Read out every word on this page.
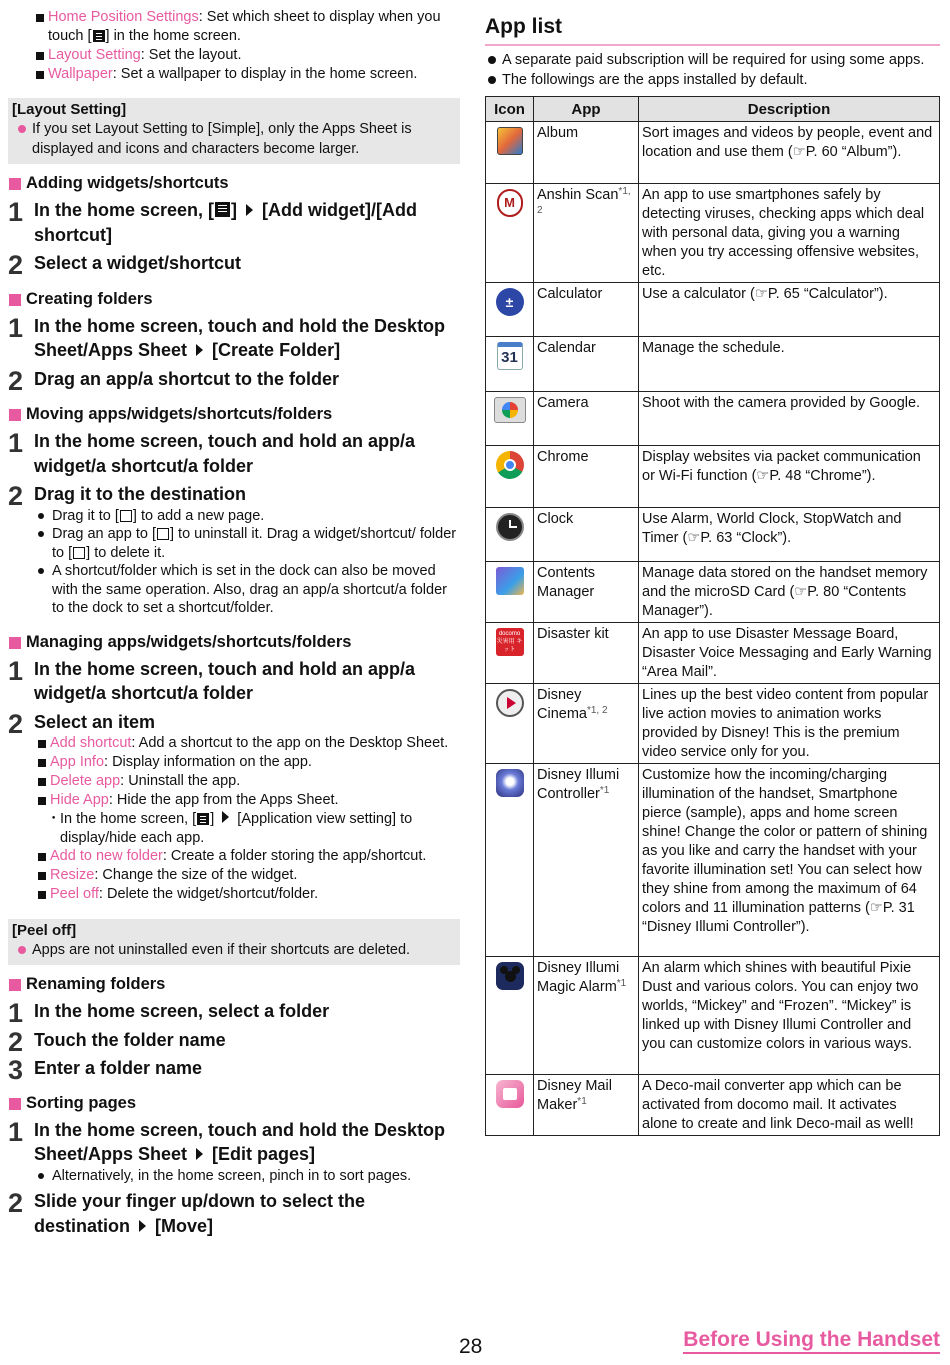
Home Position Settings: Set which sheet to display when you touch [ ] in the home screen.
Layout Setting: Set the layout.
Wallpaper: Set a wallpaper to display in the home screen.
[Layout Setting]
If you set Layout Setting to [Simple], only the Apps Sheet is displayed and icons and characters become larger.
Adding widgets/shortcuts
1 In the home screen, [ ]  [Add widget]/[Add shortcut]
2 Select a widget/shortcut
Creating folders
1 In the home screen, touch and hold the Desktop Sheet/Apps Sheet  [Create Folder]
2 Drag an app/a shortcut to the folder
Moving apps/widgets/shortcuts/folders
1 In the home screen, touch and hold an app/a widget/a shortcut/a folder
2 Drag it to the destination
Drag it to [ ] to add a new page.
Drag an app to [ ] to uninstall it. Drag a widget/shortcut/ folder to [ ] to delete it.
A shortcut/folder which is set in the dock can also be moved with the same operation. Also, drag an app/a shortcut/a folder to the dock to set a shortcut/folder.
Managing apps/widgets/shortcuts/folders
1 In the home screen, touch and hold an app/a widget/a shortcut/a folder
2 Select an item
Add shortcut: Add a shortcut to the app on the Desktop Sheet.
App Info: Display information on the app.
Delete app: Uninstall the app.
Hide App: Hide the app from the Apps Sheet.
･ In the home screen, [ ]  [Application view setting] to display/hide each app.
Add to new folder: Create a folder storing the app/shortcut.
Resize: Change the size of the widget.
Peel off: Delete the widget/shortcut/folder.
[Peel off]
Apps are not uninstalled even if their shortcuts are deleted.
Renaming folders
1 In the home screen, select a folder
2 Touch the folder name
3 Enter a folder name
Sorting pages
1 In the home screen, touch and hold the Desktop Sheet/Apps Sheet  [Edit pages]
Alternatively, in the home screen, pinch in to sort pages.
2 Slide your finger up/down to select the destination  [Move]
App list
A separate paid subscription will be required for using some apps.
The followings are the apps installed by default.
Icon	App	Description

	Album	Sort images and videos by people, event and location and use them (☞P. 60 “Album”).

M	Anshin Scan$^{*1, 2}$	An app to use smartphones safely by detecting viruses, checking apps which deal with personal data, giving you a warning when you try accessing offensive websites, etc.

±	Calculator	Use a calculator (☞P. 65 “Calculator”).

31	Calendar	Manage the schedule.

	Camera	Shoot with the camera provided by Google.

	Chrome	Display websites via packet communication or Wi-Fi function (☞P. 48 “Chrome”).

	Clock	Use Alarm, World Clock, StopWatch and Timer (☞P. 63 “Clock”).

	Contents Manager	Manage data stored on the handset memory and the microSD Card (☞P. 80 “Contents Manager”).

docomo 災害用 キット	Disaster kit	An app to use Disaster Message Board, Disaster Voice Messaging and Early Warning “Area Mail”.

	Disney Cinema$^{*1, 2}$	Lines up the best video content from popular live action movies to animation works provided by Disney! This is the premium video service only for you.

	Disney Illumi Controller$^{*1}$	Customize how the incoming/charging illumination of the handset, Smartphone pierce (sample), apps and home screen shine! Change the color or pattern of shining as you like and carry the handset with your favorite illumination set! You can select how they shine from among the maximum of 64 colors and 11 illumination patterns (☞P. 31 “Disney Illumi Controller”).

	Disney Illumi Magic Alarm$^{*1}$	An alarm which shines with beautiful Pixie Dust and various colors. You can enjoy two worlds, “Mickey” and “Frozen”. “Mickey” is linked up with Disney Illumi Controller and you can customize colors in various ways.

	Disney Mail Maker$^{*1}$	A Deco-mail converter app which can be activated from docomo mail. It activates alone to create and link Deco-mail as well!
28	Before Using the Handset
